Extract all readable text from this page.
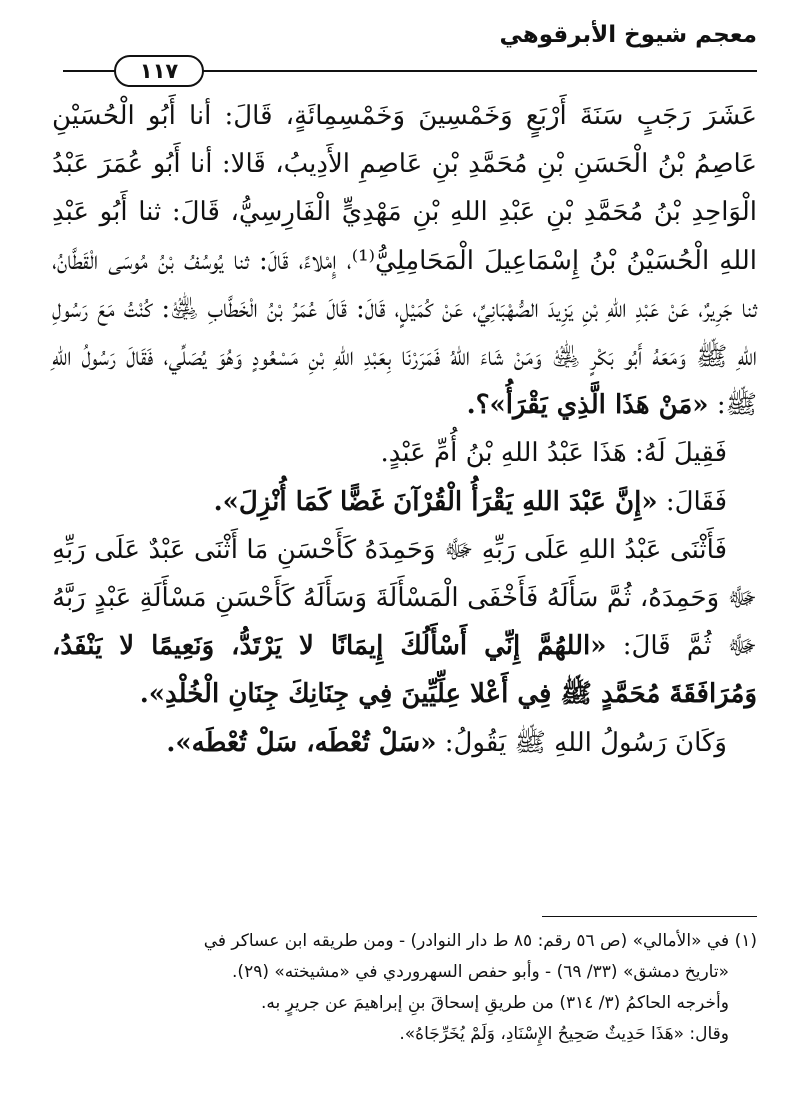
معجم شيوخ الأبرقوهي
١١٧

عَشَرَ رَجَبٍ سَنَةَ أَرْبَعٍ وَخَمْسِينَ وَخَمْسِمِائَةٍ، قَالَ: أنا أَبُو الْحُسَيْنِ عَاصِمُ بْنُ الْحَسَنِ بْنِ مُحَمَّدِ بْنِ عَاصِمِ الأَدِيبُ، قَالا: أنا أَبُو عُمَرَ عَبْدُ الْوَاحِدِ بْنُ مُحَمَّدِ بْنِ عَبْدِ اللهِ بْنِ مَهْدِيٍّ الْفَارِسِيُّ، قَالَ: ثنا أَبُو عَبْدِ اللهِ الْحُسَيْنُ بْنُ إِسْمَاعِيلَ الْمَحَامِلِيُّ⁽¹⁾، إِمْلاءً، قَالَ: ثنا يُوسُفُ بْنُ مُوسَى الْقَطَّانُ، ثنا جَرِيرٌ، عَنْ عَبْدِ اللهِ بْنِ يَزِيدَ الصُّهْبَانِيِّ، عَنْ كُمَيْلٍ، قَالَ: قَالَ عُمَرُ بْنُ الْخَطَّابِ ﵁: كُنْتُ مَعَ رَسُولِ اللهِ ﷺ وَمَعَهُ أَبُو بَكْرٍ ﵁ وَمَنْ شَاءَ اللهُ فَمَرَرْنَا بِعَبْدِ اللهِ بْنِ مَسْعُودٍ وَهُوَ يُصَلِّي، فَقَالَ رَسُولُ اللهِ ﷺ: «مَنْ هَذَا الَّذِي يَقْرَأُ»؟.

فَقِيلَ لَهُ: هَذَا عَبْدُ اللهِ بْنُ أُمِّ عَبْدٍ.

فَقَالَ: «إِنَّ عَبْدَ اللهِ يَقْرَأُ الْقُرْآنَ غَضًّا كَمَا أُنْزِلَ».

فَأَثْنَى عَبْدُ اللهِ عَلَى رَبِّهِ ﷻ وَحَمِدَهُ كَأَحْسَنِ مَا أَثْنَى عَبْدٌ عَلَى رَبِّهِ ﷻ وَحَمِدَهُ، ثُمَّ سَأَلَهُ فَأَخْفَى الْمَسْأَلَةَ وَسَأَلَهُ كَأَحْسَنِ مَسْأَلَةِ عَبْدٍ رَبَّهُ ﷻ ثُمَّ قَالَ: «اللهُمَّ إِنِّي أَسْأَلُكَ إِيمَانًا لا يَرْتَدُّ، وَنَعِيمًا لا يَنْفَدُ، وَمُرَافَقَةَ مُحَمَّدٍ ﷺ فِي أَعْلا عِلِّيِّينَ فِي جِنَانِكَ جِنَانِ الْخُلْدِ».

وَكَانَ رَسُولُ اللهِ ﷺ يَقُولُ: «سَلْ تُعْطَه، سَلْ تُعْطَه».

(١) في «الأمالي» (ص ٥٦ رقم: ٨٥ ط دار النوادر) - ومن طريقه ابن عساكر في

«تاريخ دمشق» (٣٣/ ٦٩) - وأبو حفص السهروردي في «مشيخته» (٢٩).

وأخرجه الحاكمُ (٣/ ٣١٤) من طريقِ إسحاقَ بنِ إبراهيمَ عن جريرٍ به.

وقال: «هَذَا حَدِيثٌ صَحِيحُ الإِسْنَادِ، وَلَمْ يُخَرِّجَاهُ».
